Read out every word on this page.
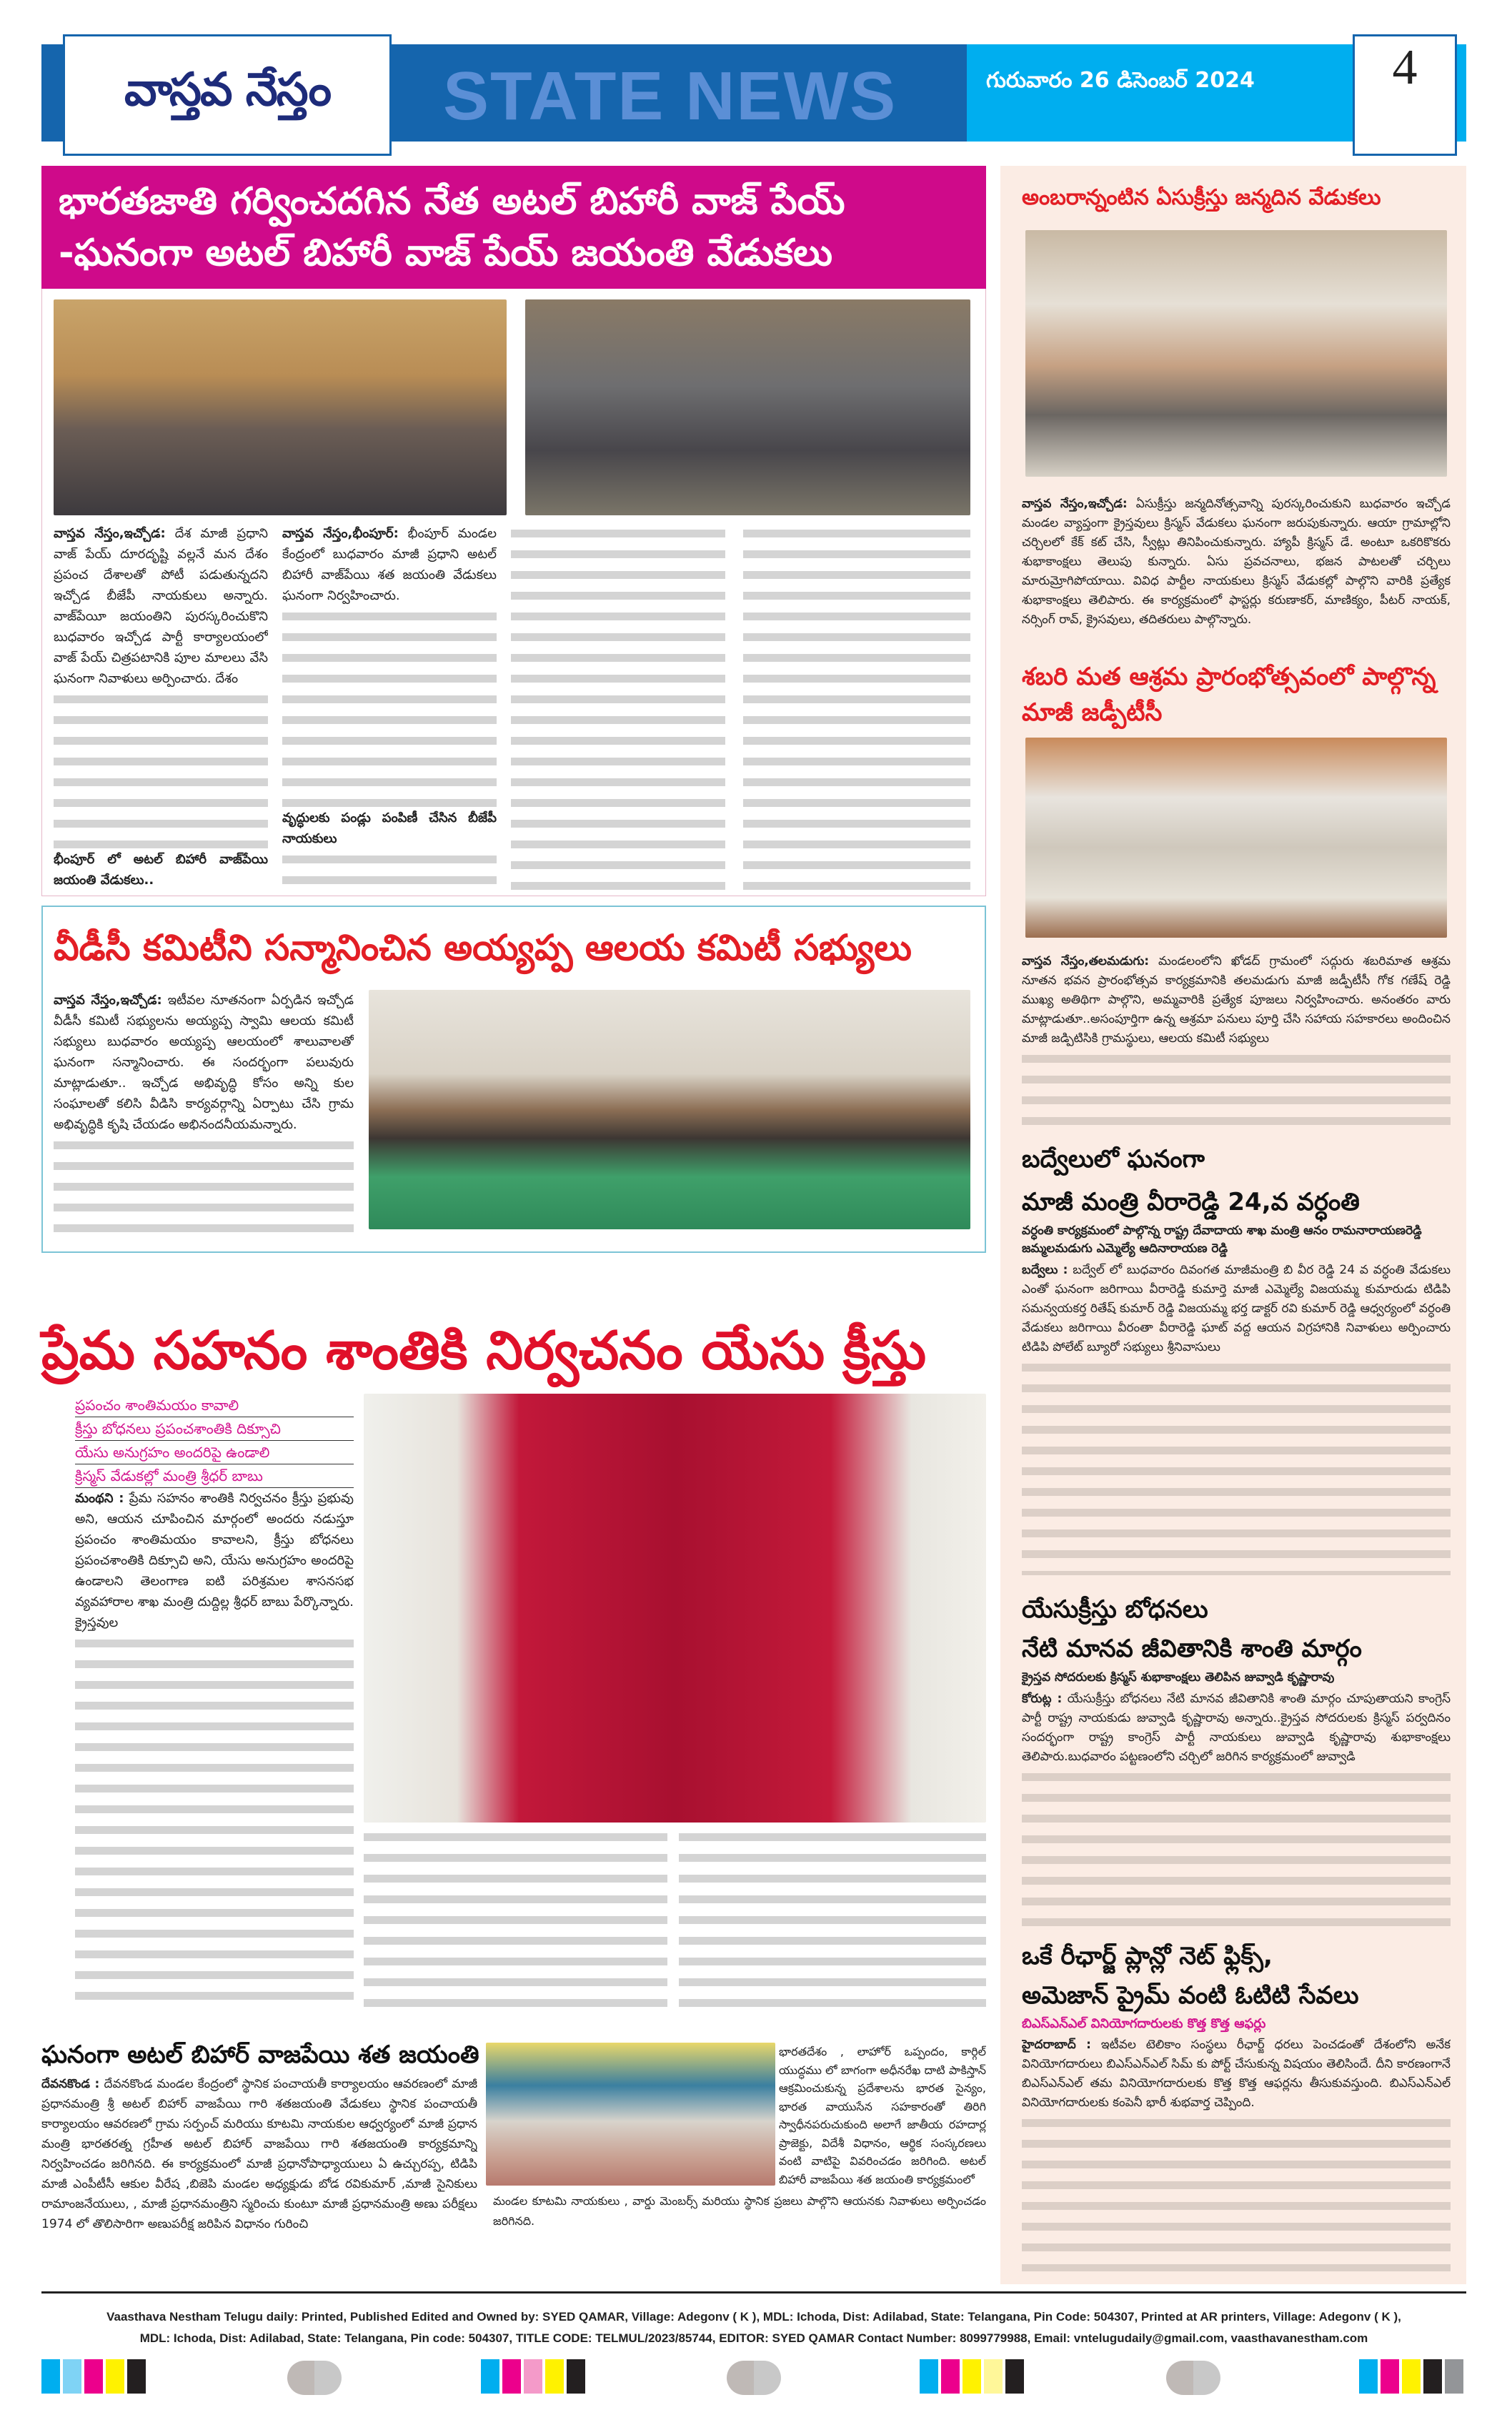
వాస్తవ నేస్తం	STATE NEWS	గురువారం 26 డిసెంబర్ 2024	4
భారతజాతి గర్వించదగిన నేత అటల్ బిహారీ వాజ్ పేయ్
-ఘనంగా అటల్ బిహారీ వాజ్ పేయ్ జయంతి వేడుకలు

వాస్తవ నేస్తం,ఇచ్చోడ: దేశ మాజీ ప్రధాని వాజ్ పేయ్ దూరదృష్టి వల్లనే మన దేశం ప్రపంచ దేశాలతో పోటీ పడుతున్నదని ఇచ్చోడ బీజేపీ నాయకులు అన్నారు. వాజ్‌పేయీ జయంతిని పురస్కరించుకొని బుధవారం ఇచ్చోడ పార్టీ కార్యాలయంలో వాజ్ పేయ్ చిత్రపటానికి పూల మాలలు వేసి ఘనంగా నివాళులు అర్పించారు. దేశం

భీంపూర్ లో అటల్ బిహారీ వాజ్‌పేయి జయంతి వేడుకలు..

వాస్తవ నేస్తం,భీంపూర్: భీంపూర్ మండల కేంద్రంలో బుధవారం మాజీ ప్రధాని అటల్ బిహారీ వాజ్‌పేయి శత జయంతి వేడుకలు ఘనంగా నిర్వహించారు.

వృద్ధులకు పండ్లు పంపిణీ చేసిన బీజేపీ నాయకులు

వీడీసీ కమిటీని సన్మానించిన అయ్యప్ప ఆలయ కమిటీ సభ్యులు

వాస్తవ నేస్తం,ఇచ్చోడ: ఇటీవల నూతనంగా ఏర్పడిన ఇచ్చోడ వీడీసీ కమిటీ సభ్యులను అయ్యప్ప స్వామి ఆలయ కమిటీ సభ్యులు బుధవారం అయ్యప్ప ఆలయంలో శాలువాలతో ఘనంగా సన్మానించారు. ఈ సందర్భంగా పలువురు మాట్లాడుతూ.. ఇచ్చోడ అభివృద్ధి కోసం అన్ని కుల సంఘాలతో కలిసి వీడిసి కార్యవర్గాన్ని ఏర్పాటు చేసి గ్రామ అభివృద్ధికి కృషి చేయడం అభినందనీయమన్నారు.

ప్రేమ సహనం శాంతికి నిర్వచనం యేసు క్రీస్తు
ప్రపంచం శాంతిమయం కావాలి
క్రీస్తు బోధనలు ప్రపంచశాంతికి దిక్సూచి
యేసు అనుగ్రహం అందరిపై ఉండాలి
క్రిస్మస్ వేడుకల్లో మంత్రి శ్రీధర్ బాబు

మంథని : ప్రేమ సహనం శాంతికి నిర్వచనం క్రీస్తు ప్రభువు అని, ఆయన చూపించిన మార్గంలో అందరు నడుస్తూ ప్రపంచం శాంతిమయం కావాలని, క్రీస్తు బోధనలు ప్రపంచశాంతికి దిక్సూచి అని, యేసు అనుగ్రహం అందరిపై ఉండాలని తెలంగాణ ఐటి పరిశ్రమల శాసనసభ వ్యవహారాల శాఖ మంత్రి దుద్దిల్ల శ్రీధర్ బాబు పేర్కొన్నారు. క్రైస్తవుల

ఘనంగా అటల్ బిహార్ వాజపేయి శత జయంతి

దేవనకొండ : దేవనకొండ మండల కేంద్రంలో స్థానిక పంచాయతీ కార్యాలయం ఆవరణంలో మాజీ ప్రధానమంత్రి శ్రీ అటల్ బిహార్ వాజపేయి గారి శతజయంతి వేడుకలు స్థానిక పంచాయతీ కార్యాలయం ఆవరణలో గ్రామ సర్పంచ్ మరియు కూటమి నాయకుల ఆధ్వర్యంలో మాజీ ప్రధాన మంత్రి భారతరత్న గ్రహీత అటల్ బిహార్ వాజపేయి గారి శతజయంతి కార్యక్రమాన్ని నిర్వహించడం జరిగినది. ఈ కార్యక్రమంలో మాజీ ప్రధానోపాధ్యాయులు ఏ ఉచ్చురప్ప, టిడిపి మాజీ ఎంపీటీసీ ఆకుల వీరేష ,బిజెపి మండల అధ్యక్షుడు బోడ రవికుమార్ ,మాజీ సైనికులు రామాంజనేయులు, , మాజీ ప్రధానమంత్రిని స్మరించు కుంటూ మాజీ ప్రధానమంత్రి అణు పరీక్షలు 1974 లో తొలిసారిగా అణుపరీక్ష జరిపిన విధానం గురించి

భారతదేశం , లాహోర్ ఒప్పందం, కార్గిల్ యుద్ధము లో బాగంగా అధీనరేఖ దాటి పాకిస్తాన్ ఆక్రమించుకున్న ప్రదేశాలను భారత సైన్యం, భారత వాయుసేన సహకారంతో తిరిగి స్వాధీనపరుచుకుంది అలాగే జాతీయ రహదార్ల ప్రాజెక్టు, విదేశీ విధానం, ఆర్థిక సంస్కరణలు వంటి వాటిపై వివరించడం జరిగింది. అటల్ బిహారీ వాజపేయి శత జయంతి కార్యక్రమంలో

మండల కూటమి నాయకులు , వార్డు మెంబర్స్ మరియు స్థానిక ప్రజలు పాల్గొని ఆయనకు నివాళులు అర్పించడం జరిగినది.

అంబరాన్నంటిన ఏసుక్రీస్తు జన్మదిన వేడుకలు

వాస్తవ నేస్తం,ఇచ్చోడ: ఏసుక్రీస్తు జన్మదినోత్సవాన్ని పురస్కరించుకుని బుధవారం ఇచ్చోడ మండల వ్యాప్తంగా క్రైస్తవులు క్రిస్మస్ వేడుకలు ఘనంగా జరుపుకున్నారు. ఆయా గ్రామాల్లోని చర్చిలలో కేక్ కట్ చేసి, స్వీట్లు తినిపించుకున్నారు. హ్యాపీ క్రిస్మస్ డే. అంటూ ఒకరికొకరు శుభాకాంక్షలు తెలుపు కున్నారు. ఏసు ప్రవచనాలు, భజన పాటలతో చర్చిలు మారుమ్రోగిపోయాయి. వివిధ పార్టీల నాయకులు క్రిస్మస్ వేడుకల్లో పాల్గొని వారికి ప్రత్యేక శుభాకాంక్షలు తెలిపారు. ఈ కార్యక్రమంలో ఫాస్టర్లు కరుణాకర్, మాణిక్యం, పీటర్ నాయక్, నర్సింగ్ రావ్, క్రైసవులు, తదితరులు పాల్గొన్నారు.

శబరి మత ఆశ్రమ ప్రారంభోత్సవంలో పాల్గొన్న మాజీ జడ్పీటీసీ

వాస్తవ నేస్తం,తలమడుగు: మండలంలోని ఖోడద్ గ్రామంలో సద్గురు శబరిమాత ఆశ్రమ నూతన భవన ప్రారంభోత్సవ కార్యక్రమానికి తలమడుగు మాజీ జడ్పీటీసీ గోక గణేష్ రెడ్డి ముఖ్య అతిథిగా పాల్గొని, అమ్మవారికి ప్రత్యేక పూజలు నిర్వహించారు. అనంతరం వారు మాట్లాడుతూ..అసంపూర్తిగా ఉన్న ఆశ్రమా పనులు పూర్తి చేసి సహాయ సహకారలు అందించిన మాజీ జడ్పిటిసికి గ్రామస్థులు, ఆలయ కమిటీ సభ్యులు

బద్వేలులో ఘనంగా
మాజీ మంత్రి వీరారెడ్డి 24,వ వర్ధంతి
వర్ధంతి కార్యక్రమంలో పాల్గొన్న రాష్ట్ర దేవాదాయ శాఖ మంత్రి ఆనం రామనారాయణరెడ్డి జమ్మలమడుగు ఎమ్మెల్యే ఆదినారాయణ రెడ్డి

బద్వేలు : బద్వేల్ లో బుధవారం దివంగత మాజీమంత్రి బి వీర రెడ్డి 24 వ వర్ధంతి వేడుకలు ఎంతో ఘనంగా జరిగాయి వీరారెడ్డి కుమార్తె మాజీ ఎమ్మెల్యే విజయమ్మ కుమారుడు టిడిపి సమన్వయకర్త రితేష్ కుమార్ రెడ్డి విజయమ్మ భర్త డాక్టర్ రవి కుమార్ రెడ్డి ఆధ్వర్యంలో వర్ధంతి వేడుకలు జరిగాయి వీరంతా వీరారెడ్డి ఘాట్ వద్ద ఆయన విగ్రహానికి నివాళులు అర్పించారు టిడిపి పోలేట్ బ్యూరో సభ్యులు శ్రీనివాసులు

యేసుక్రీస్తు బోధనలు
నేటి మానవ జీవితానికి శాంతి మార్గం
క్రైస్తవ సోదరులకు క్రిస్మస్ శుభాకాంక్షలు తెలిపిన జువ్వాడి కృష్ణారావు

కోరుట్ల : యేసుక్రీస్తు బోధనలు నేటి మానవ జీవితానికి శాంతి మార్గం చూపుతాయని కాంగ్రెస్ పార్టీ రాష్ట్ర నాయకుడు జువ్వాడి కృష్ణారావు అన్నారు..క్రైస్తవ సోదరులకు క్రిస్మస్ పర్వదినం సందర్భంగా రాష్ట్ర కాంగ్రెస్ పార్టీ నాయకులు జువ్వాడి కృష్ణారావు శుభాకాంక్షలు తెలిపారు.బుధవారం పట్టణంలోని చర్చిలో జరిగిన కార్యక్రమంలో జువ్వాడి

ఒకే రీఛార్జ్ ప్లాన్లో నెట్ ఫ్లిక్స్,
అమెజాన్ ప్రైమ్ వంటి ఓటిటి సేవలు
బిఎస్ఎన్ఎల్ వినియోగదారులకు కొత్త కొత్త ఆఫర్లు

హైదరాబాద్ : ఇటీవల టెలికాం సంస్థలు రీఛార్జ్ ధరలు పెంచడంతో దేశంలోని అనేక వినియోగదారులు బిఎస్ఎన్ఎల్ సిమ్ కు పోర్ట్ చేసుకున్న విషయం తెలిసిందే. దీని కారణంగానే బిఎస్ఎన్ఎల్ తమ వినియోగదారులకు కొత్త కొత్త ఆఫర్లను తీసుకువస్తుంది. బిఎస్ఎన్ఎల్ వినియోగదారులకు కంపెనీ భారీ శుభవార్త చెప్పింది.

Vaasthava Nestham Telugu daily: Printed, Published Edited and Owned by: SYED QAMAR, Village: Adegonv ( K ), MDL: Ichoda, Dist: Adilabad, State: Telangana, Pin Code: 504307, Printed at AR printers, Village: Adegonv ( K ),
MDL: Ichoda, Dist: Adilabad, State: Telangana, Pin code: 504307, TITLE CODE: TELMUL/2023/85744, EDITOR: SYED QAMAR Contact Number: 8099779988, Email: vntelugudaily@gmail.com, vaasthavanestham.com
